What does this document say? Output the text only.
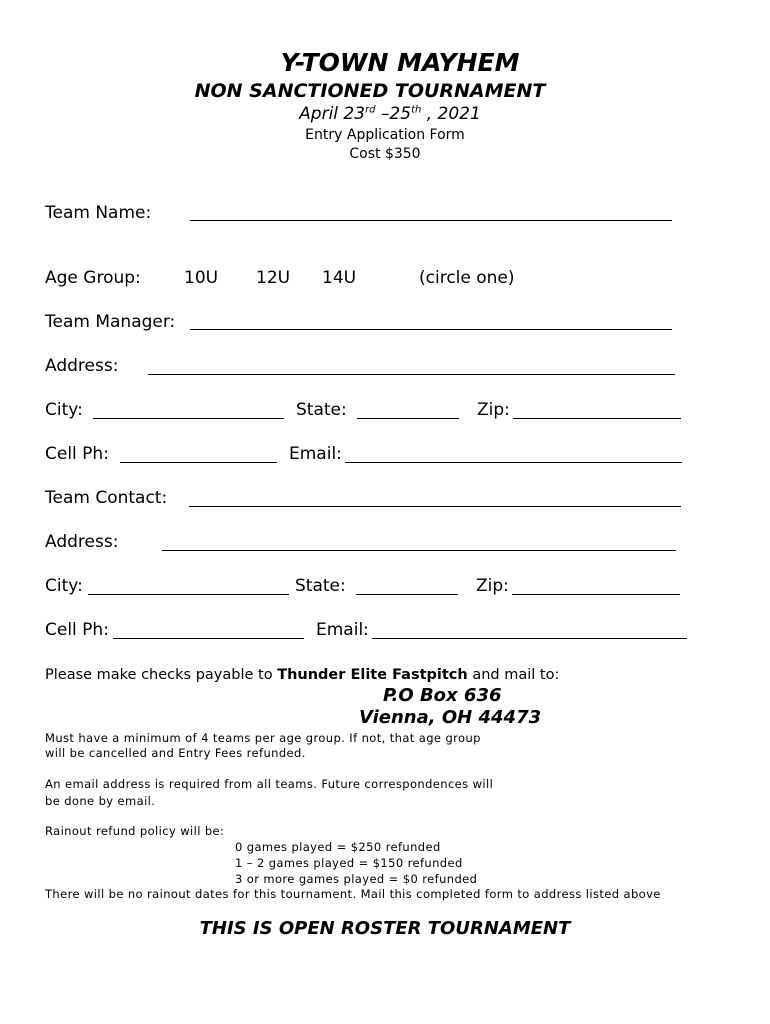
Y-TOWN MAYHEM
NON SANCTIONED TOURNAMENT
April 23rd –25th , 2021
Entry Application Form
Cost $350
Team Name:
Age Group:	10U 12U 14U	(circle one)
Team Manager:
Address:
City:	State:	Zip:
Cell Ph:	Email:
Team Contact:
Address:
City:	State:	Zip:
Cell Ph:	Email:
Please make checks payable to Thunder Elite Fastpitch and mail to:
P.O Box 636
Vienna, OH 44473
Must have a minimum of 4 teams per age group. If not, that age group
will be cancelled and Entry Fees refunded.
An email address is required from all teams. Future correspondences will
be done by email.
Rainout refund policy will be:
0 games played = $250 refunded
1 – 2 games played = $150 refunded
3 or more games played = $0 refunded
There will be no rainout dates for this tournament. Mail this completed form to address listed above
THIS IS OPEN ROSTER TOURNAMENT
